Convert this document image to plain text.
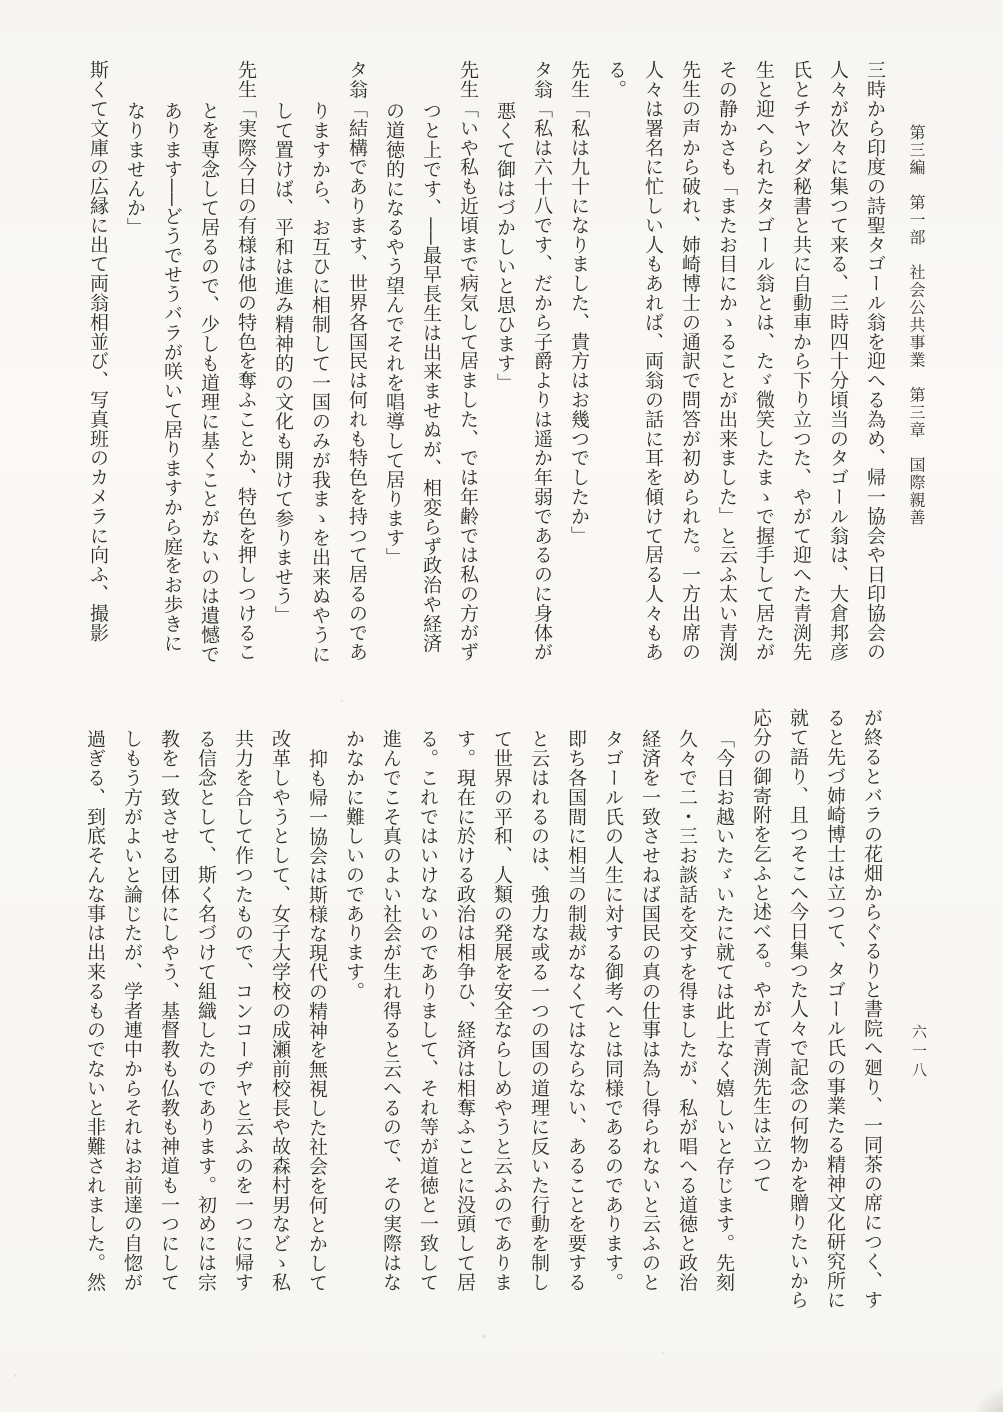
第三編　第一部　社会公共事業　第三章　国際親善
三時から印度の詩聖タゴール翁を迎へる為め、帰一協会や日印協会の
人々が次々に集つて来る、三時四十分頃当のタゴール翁は、大倉邦彦
氏とチヤンダ秘書と共に自動車から下り立つた、やがて迎へた青渕先
生と迎へられたタゴール翁とは、たゞ微笑したまゝで握手して居たが
その静かさも「またお目にかゝることが出来ました」と云ふ太い青渕
先生の声から破れ、姉崎博士の通訳で問答が初められた。一方出席の
人々は署名に忙しい人もあれば、両翁の話に耳を傾けて居る人々もあ
る。
先生「私は九十になりました、貴方はお幾つでしたか」
タ翁「私は六十八です、だから子爵よりは遥か年弱であるのに身体が
悪くて御はづかしいと思ひます」
先生「いや私も近頃まで病気して居ました、では年齢では私の方がず
つと上です、──最早長生は出来ませぬが、相変らず政治や経済
の道徳的になるやう望んでそれを唱導して居ります」
タ翁「結構であります、世界各国民は何れも特色を持つて居るのであ
りますから、お互ひに相制して一国のみが我まゝを出来ぬやうに
して置けば、平和は進み精神的の文化も開けて参りませう」
先生「実際今日の有様は他の特色を奪ふことか、特色を押しつけるこ
とを専念して居るので、少しも道理に基くことがないのは遺憾で
あります──どうでせうバラが咲いて居りますから庭をお歩きに
なりませんか」
斯くて文庫の広縁に出て両翁相並び、写真班のカメラに向ふ、撮影
が終るとバラの花畑からぐるりと書院へ廻り、一同茶の席につく、す
ると先づ姉崎博士は立つて、タゴール氏の事業たる精神文化研究所に
就て語り、且つそこへ今日集つた人々で記念の何物かを贈りたいから
応分の御寄附を乞ふと述べる。やがて青渕先生は立つて
「今日お越いたゞいたに就ては此上なく嬉しいと存じます。先刻
久々で二・三お談話を交すを得ましたが、私が唱へる道徳と政治
経済を一致させねば国民の真の仕事は為し得られないと云ふのと
タゴール氏の人生に対する御考へとは同様であるのであります。
即ち各国間に相当の制裁がなくてはならない、あることを要する
と云はれるのは、強力な或る一つの国の道理に反いた行動を制し
て世界の平和、人類の発展を安全ならしめやうと云ふのでありま
す。現在に於ける政治は相争ひ、経済は相奪ふことに没頭して居
る。これではいけないのでありまして、それ等が道徳と一致して
進んでこそ真のよい社会が生れ得ると云へるので、その実際はな
かなかに難しいのであります。
抑も帰一協会は斯様な現代の精神を無視した社会を何とかして
改革しやうとして、女子大学校の成瀬前校長や故森村男などゝ私
共力を合して作つたもので、コンコーヂヤと云ふのを一つに帰す
る信念として、斯く名づけて組織したのであります。初めには宗
教を一致させる団体にしやう、基督教も仏教も神道も一つにして
しもう方がよいと論じたが、学者連中からそれはお前達の自惚が
過ぎる、到底そんな事は出来るものでないと非難されました。然	六一八
